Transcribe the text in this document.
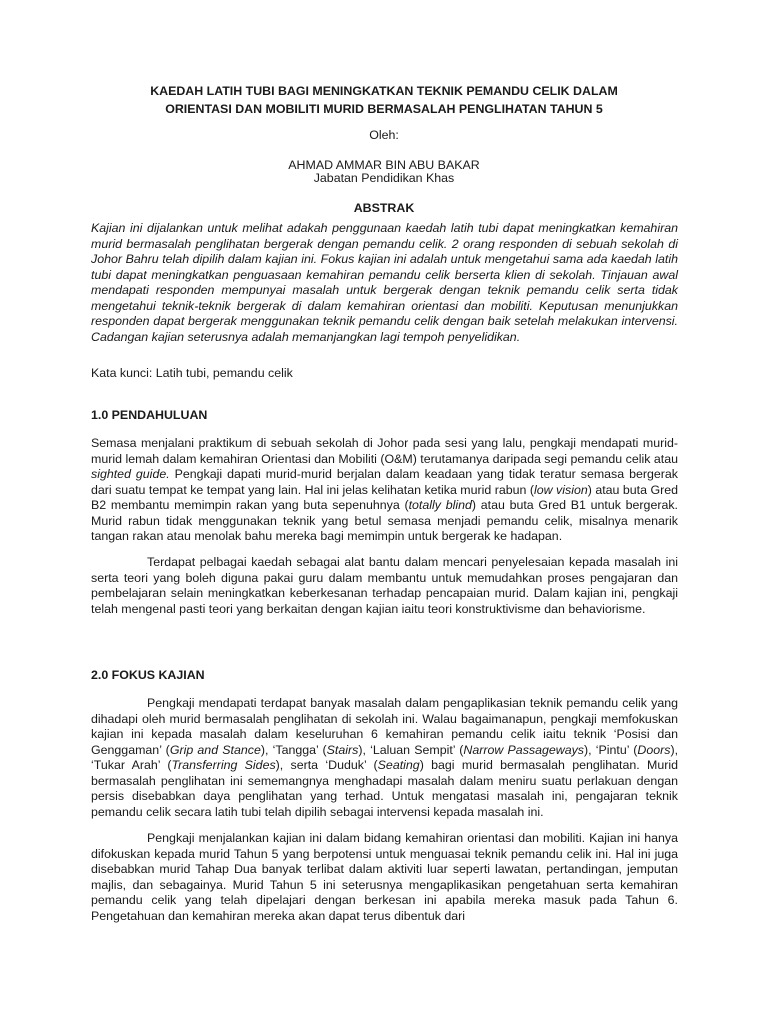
KAEDAH LATIH TUBI BAGI MENINGKATKAN TEKNIK PEMANDU CELIK DALAM
ORIENTASI DAN MOBILITI MURID BERMASALAH PENGLIHATAN TAHUN 5
Oleh:
AHMAD AMMAR BIN ABU BAKAR
Jabatan Pendidikan Khas
ABSTRAK
Kajian ini dijalankan untuk melihat adakah penggunaan kaedah latih tubi dapat meningkatkan kemahiran murid bermasalah penglihatan bergerak dengan pemandu celik. 2 orang responden di sebuah sekolah di Johor Bahru telah dipilih dalam kajian ini. Fokus kajian ini adalah untuk mengetahui sama ada kaedah latih tubi dapat meningkatkan penguasaan kemahiran pemandu celik berserta klien di sekolah. Tinjauan awal mendapati responden mempunyai masalah untuk bergerak dengan teknik pemandu celik serta tidak mengetahui teknik-teknik bergerak di dalam kemahiran orientasi dan mobiliti. Keputusan menunjukkan responden dapat bergerak menggunakan teknik pemandu celik dengan baik setelah melakukan intervensi. Cadangan kajian seterusnya adalah memanjangkan lagi tempoh penyelidikan.
Kata kunci: Latih tubi, pemandu celik
1.0 PENDAHULUAN
Semasa menjalani praktikum di sebuah sekolah di Johor pada sesi yang lalu, pengkaji mendapati murid-murid lemah dalam kemahiran Orientasi dan Mobiliti (O&M) terutamanya daripada segi pemandu celik atau sighted guide. Pengkaji dapati murid-murid berjalan dalam keadaan yang tidak teratur semasa bergerak dari suatu tempat ke tempat yang lain. Hal ini jelas kelihatan ketika murid rabun (low vision) atau buta Gred B2 membantu memimpin rakan yang buta sepenuhnya (totally blind) atau buta Gred B1 untuk bergerak. Murid rabun tidak menggunakan teknik yang betul semasa menjadi pemandu celik, misalnya menarik tangan rakan atau menolak bahu mereka bagi memimpin untuk bergerak ke hadapan.
Terdapat pelbagai kaedah sebagai alat bantu dalam mencari penyelesaian kepada masalah ini serta teori yang boleh diguna pakai guru dalam membantu untuk memudahkan proses pengajaran dan pembelajaran selain meningkatkan keberkesanan terhadap pencapaian murid. Dalam kajian ini, pengkaji telah mengenal pasti teori yang berkaitan dengan kajian iaitu teori konstruktivisme dan behaviorisme.
2.0 FOKUS KAJIAN
Pengkaji mendapati terdapat banyak masalah dalam pengaplikasian teknik pemandu celik yang dihadapi oleh murid bermasalah penglihatan di sekolah ini. Walau bagaimanapun, pengkaji memfokuskan kajian ini kepada masalah dalam keseluruhan 6 kemahiran pemandu celik iaitu teknik ‘Posisi dan Genggaman’ (Grip and Stance), ‘Tangga’ (Stairs), ‘Laluan Sempit’ (Narrow Passageways), ‘Pintu’ (Doors), ‘Tukar Arah’ (Transferring Sides), serta ‘Duduk’ (Seating) bagi murid bermasalah penglihatan. Murid bermasalah penglihatan ini sememangnya menghadapi masalah dalam meniru suatu perlakuan dengan persis disebabkan daya penglihatan yang terhad. Untuk mengatasi masalah ini, pengajaran teknik pemandu celik secara latih tubi telah dipilih sebagai intervensi kepada masalah ini.
Pengkaji menjalankan kajian ini dalam bidang kemahiran orientasi dan mobiliti. Kajian ini hanya difokuskan kepada murid Tahun 5 yang berpotensi untuk menguasai teknik pemandu celik ini. Hal ini juga disebabkan murid Tahap Dua banyak terlibat dalam aktiviti luar seperti lawatan, pertandingan, jemputan majlis, dan sebagainya. Murid Tahun 5 ini seterusnya mengaplikasikan pengetahuan serta kemahiran pemandu celik yang telah dipelajari dengan berkesan ini apabila mereka masuk pada Tahun 6. Pengetahuan dan kemahiran mereka akan dapat terus dibentuk dari
